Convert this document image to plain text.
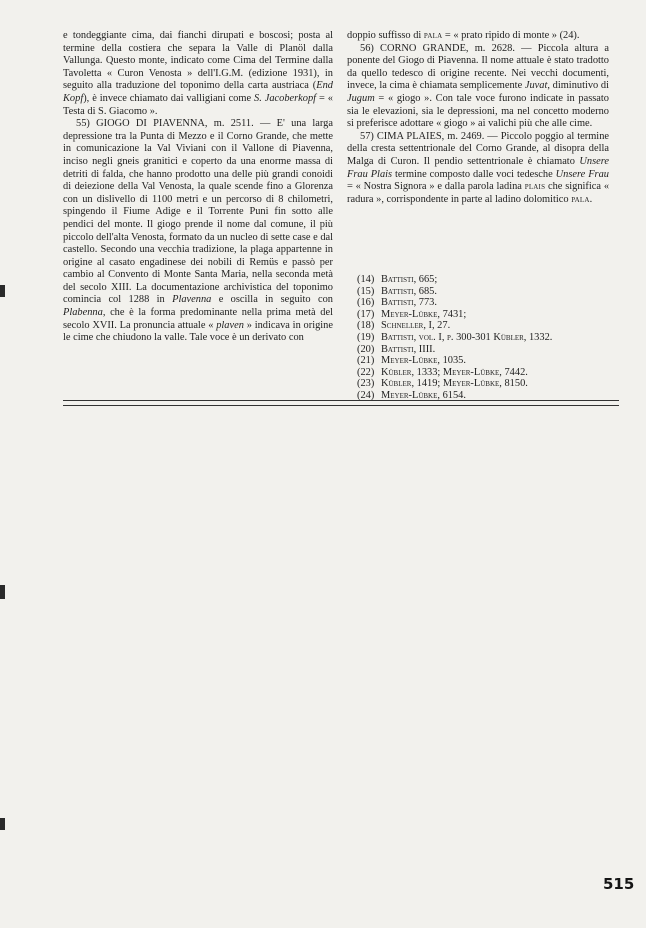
e tondeggiante cima, dai fianchi dirupati e boscosi; posta al termine della costiera che separa la Valle di Planöl dalla Vallunga. Questo monte, indicato come Cima del Termine dalla Tavoletta « Curon Venosta » dell'I.G.M. (edizione 1931), in seguito alla traduzione del toponimo della carta austriaca (End Kopf), è invece chiamato dai valligiani come S. Jacoberkopf = « Testa di S. Giacomo ».

55) GIOGO DI PIAVENNA, m. 2511. — E' una larga depressione tra la Punta di Mezzo e il Corno Grande, che mette in comunicazione la Val Viviani con il Vallone di Piavenna, inciso negli gneis granitici e coperto da una enorme massa di detriti di falda, che hanno prodotto una delle più grandi conoidi di deiezione della Val Venosta, la quale scende fino a Glorenza con un dislivello di 1100 metri e un percorso di 8 chilometri, spingendo il Fiume Adige e il Torrente Puni fin sotto alle pendici del monte. Il giogo prende il nome dal comune, il più piccolo dell'alta Venosta, formato da un nucleo di sette case e dal castello. Secondo una vecchia tradizione, la plaga appartenne in origine al casato engadinese dei nobili di Remüs e passò per cambio al Convento di Monte Santa Maria, nella seconda metà del secolo XIII. La documentazione archivistica del toponimo comincia col 1288 in Plavenna e oscilla in seguito con Plabenna, che è la forma predominante nella prima metà del secolo XVII. La pronuncia attuale « plaven » indicava in origine le cime che chiudono la valle. Tale voce è un derivato con

doppio suffisso di pala = « prato ripido di monte » (24).

56) CORNO GRANDE, m. 2628. — Piccola altura a ponente del Giogo di Piavenna. Il nome attuale è stato tradotto da quello tedesco di origine recente. Nei vecchi documenti, invece, la cima è chiamata semplicemente Juvat, diminutivo di Jugum = « giogo ». Con tale voce furono indicate in passato sia le elevazioni, sia le depressioni, ma nel concetto moderno si preferisce adottare « giogo » ai valichi più che alle cime.

57) CIMA PLAIES, m. 2469. — Piccolo poggio al termine della cresta settentrionale del Corno Grande, al disopra della Malga di Curon. Il pendio settentrionale è chiamato Unsere Frau Plais termine composto dalle voci tedesche Unsere Frau = « Nostra Signora » e dalla parola ladina plais che significa « radura », corrispondente in parte al ladino dolomitico pala.

(14) Battisti, 665;
(15) Battisti, 685.
(16) Battisti, 773.
(17) Meyer-Lübke, 7431;
(18) Schneller, I, 27.
(19) Battisti, vol. I, p. 300-301 Kübler, 1332.
(20) Battisti, IIII.
(21) Meyer-Lübke, 1035.
(22) Kübler, 1333; Meyer-Lübke, 7442.
(23) Kübler, 1419; Meyer-Lübke, 8150.
(24) Meyer-Lübke, 6154.
515
